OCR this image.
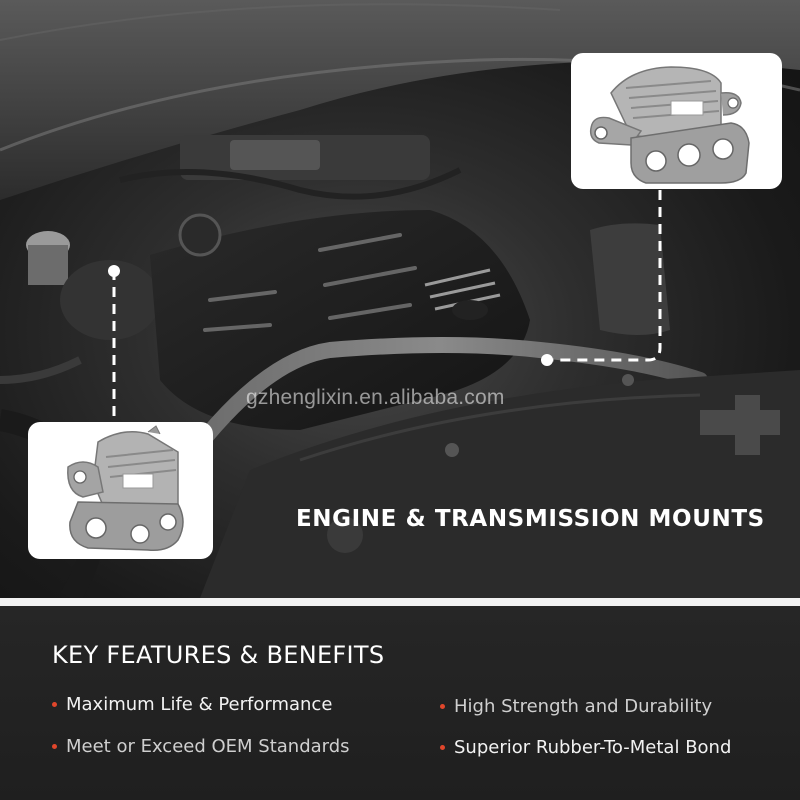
gzhenglixin.en.alibaba.com
ENGINE & TRANSMISSION MOUNTS
KEY FEATURES & BENEFITS
Maximum Life & Performance	High Strength and Durability
Meet or Exceed OEM Standards	Superior Rubber-To-Metal Bond
